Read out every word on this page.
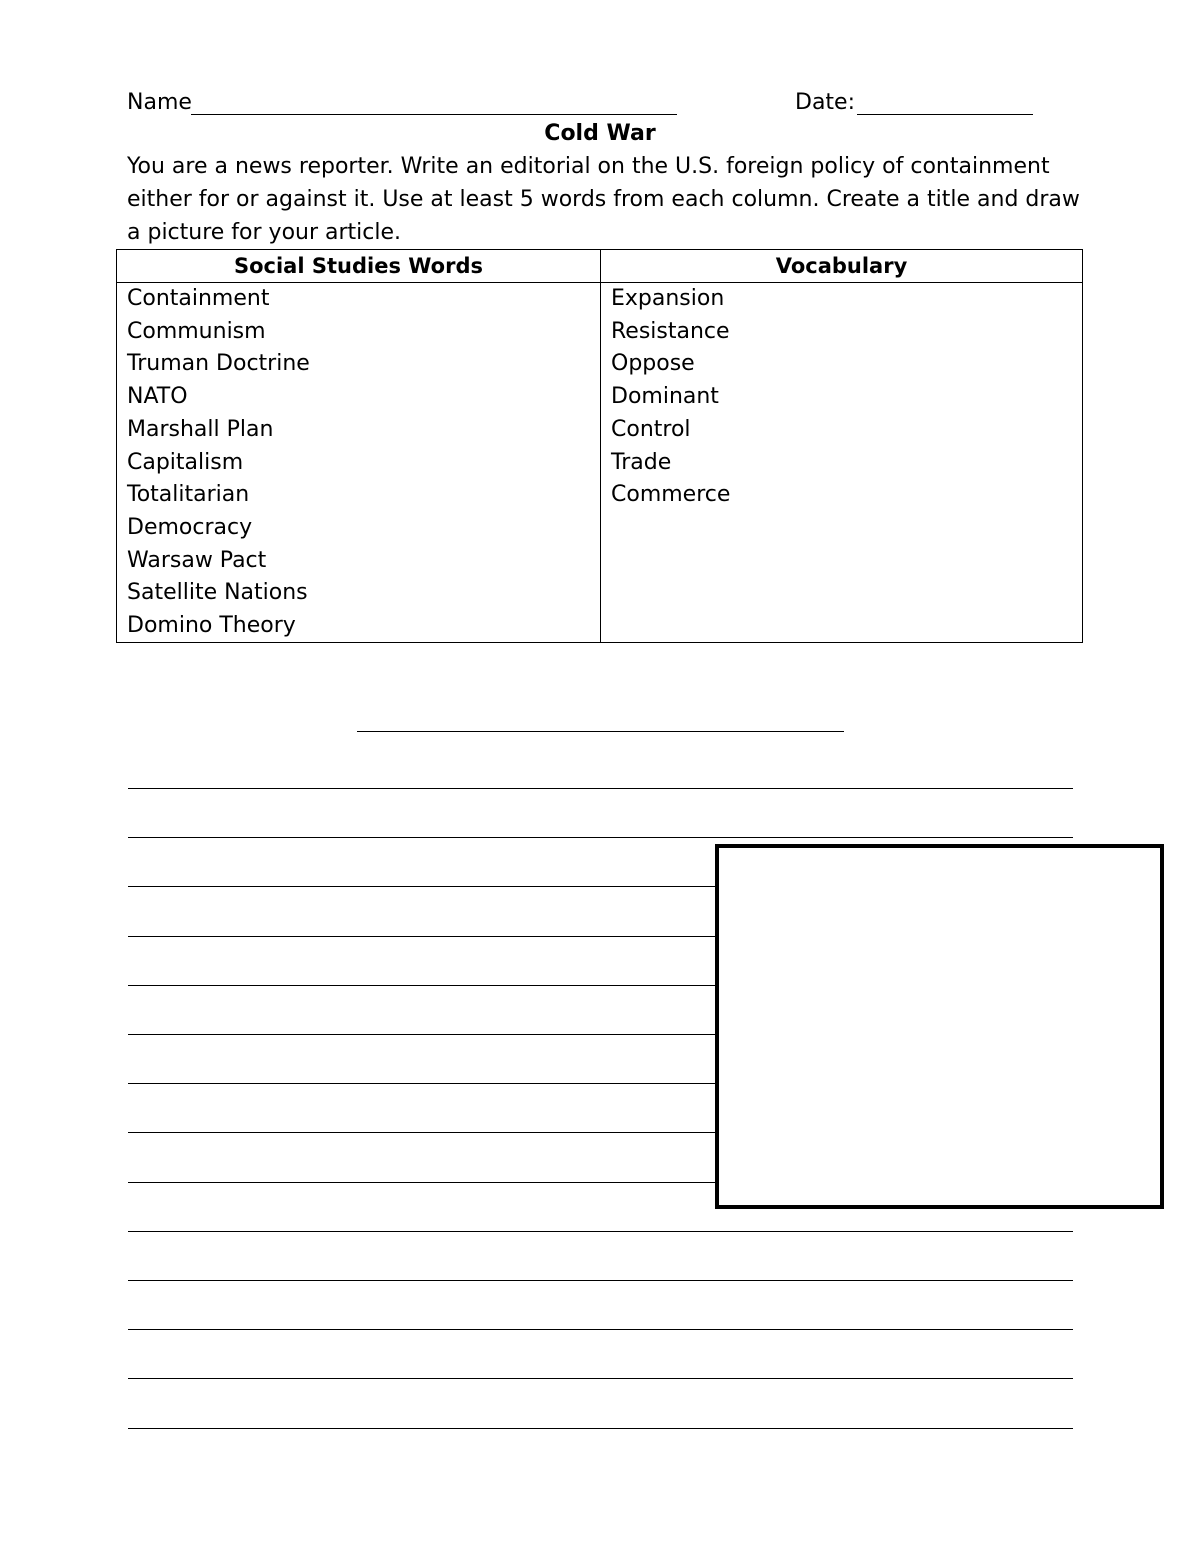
Name	Date:
Cold War
You are a news reporter. Write an editorial on the U.S. foreign policy of containment either for or against it. Use at least 5 words from each column. Create a title and draw a picture for your article.
Social Studies Words
Containment
Communism
Truman Doctrine
NATO
Marshall Plan
Capitalism
Totalitarian
Democracy
Warsaw Pact
Satellite Nations
Domino Theory
Vocabulary
Expansion
Resistance
Oppose
Dominant
Control
Trade
Commerce
